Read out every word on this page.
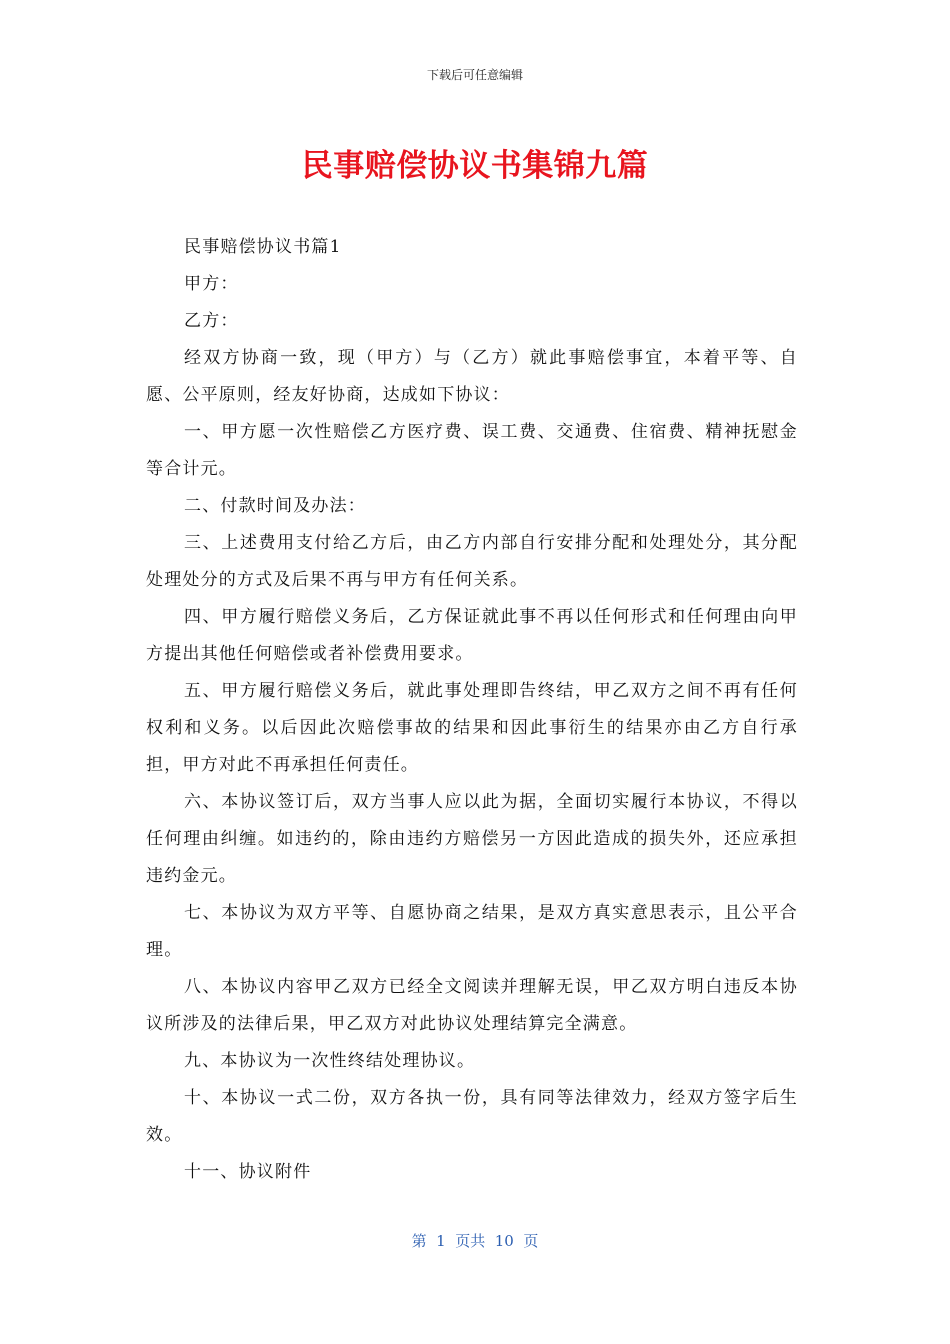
下载后可任意编辑
民事赔偿协议书集锦九篇

民事赔偿协议书篇1

甲方：

乙方：

经双方协商一致，现（甲方）与（乙方）就此事赔偿事宜，本着平等、自愿、公平原则，经友好协商，达成如下协议：

一、甲方愿一次性赔偿乙方医疗费、误工费、交通费、住宿费、精神抚慰金等合计元。

二、付款时间及办法：

三、上述费用支付给乙方后，由乙方内部自行安排分配和处理处分，其分配处理处分的方式及后果不再与甲方有任何关系。

四、甲方履行赔偿义务后，乙方保证就此事不再以任何形式和任何理由向甲方提出其他任何赔偿或者补偿费用要求。

五、甲方履行赔偿义务后，就此事处理即告终结，甲乙双方之间不再有任何权利和义务。以后因此次赔偿事故的结果和因此事衍生的结果亦由乙方自行承担，甲方对此不再承担任何责任。

六、本协议签订后，双方当事人应以此为据，全面切实履行本协议，不得以任何理由纠缠。如违约的，除由违约方赔偿另一方因此造成的损失外，还应承担违约金元。

七、本协议为双方平等、自愿协商之结果，是双方真实意思表示，且公平合理。

八、本协议内容甲乙双方已经全文阅读并理解无误，甲乙双方明白违反本协议所涉及的法律后果，甲乙双方对此协议处理结算完全满意。

九、本协议为一次性终结处理协议。

十、本协议一式二份，双方各执一份，具有同等法律效力，经双方签字后生效。

十一、协议附件

第  1  页共  10  页
